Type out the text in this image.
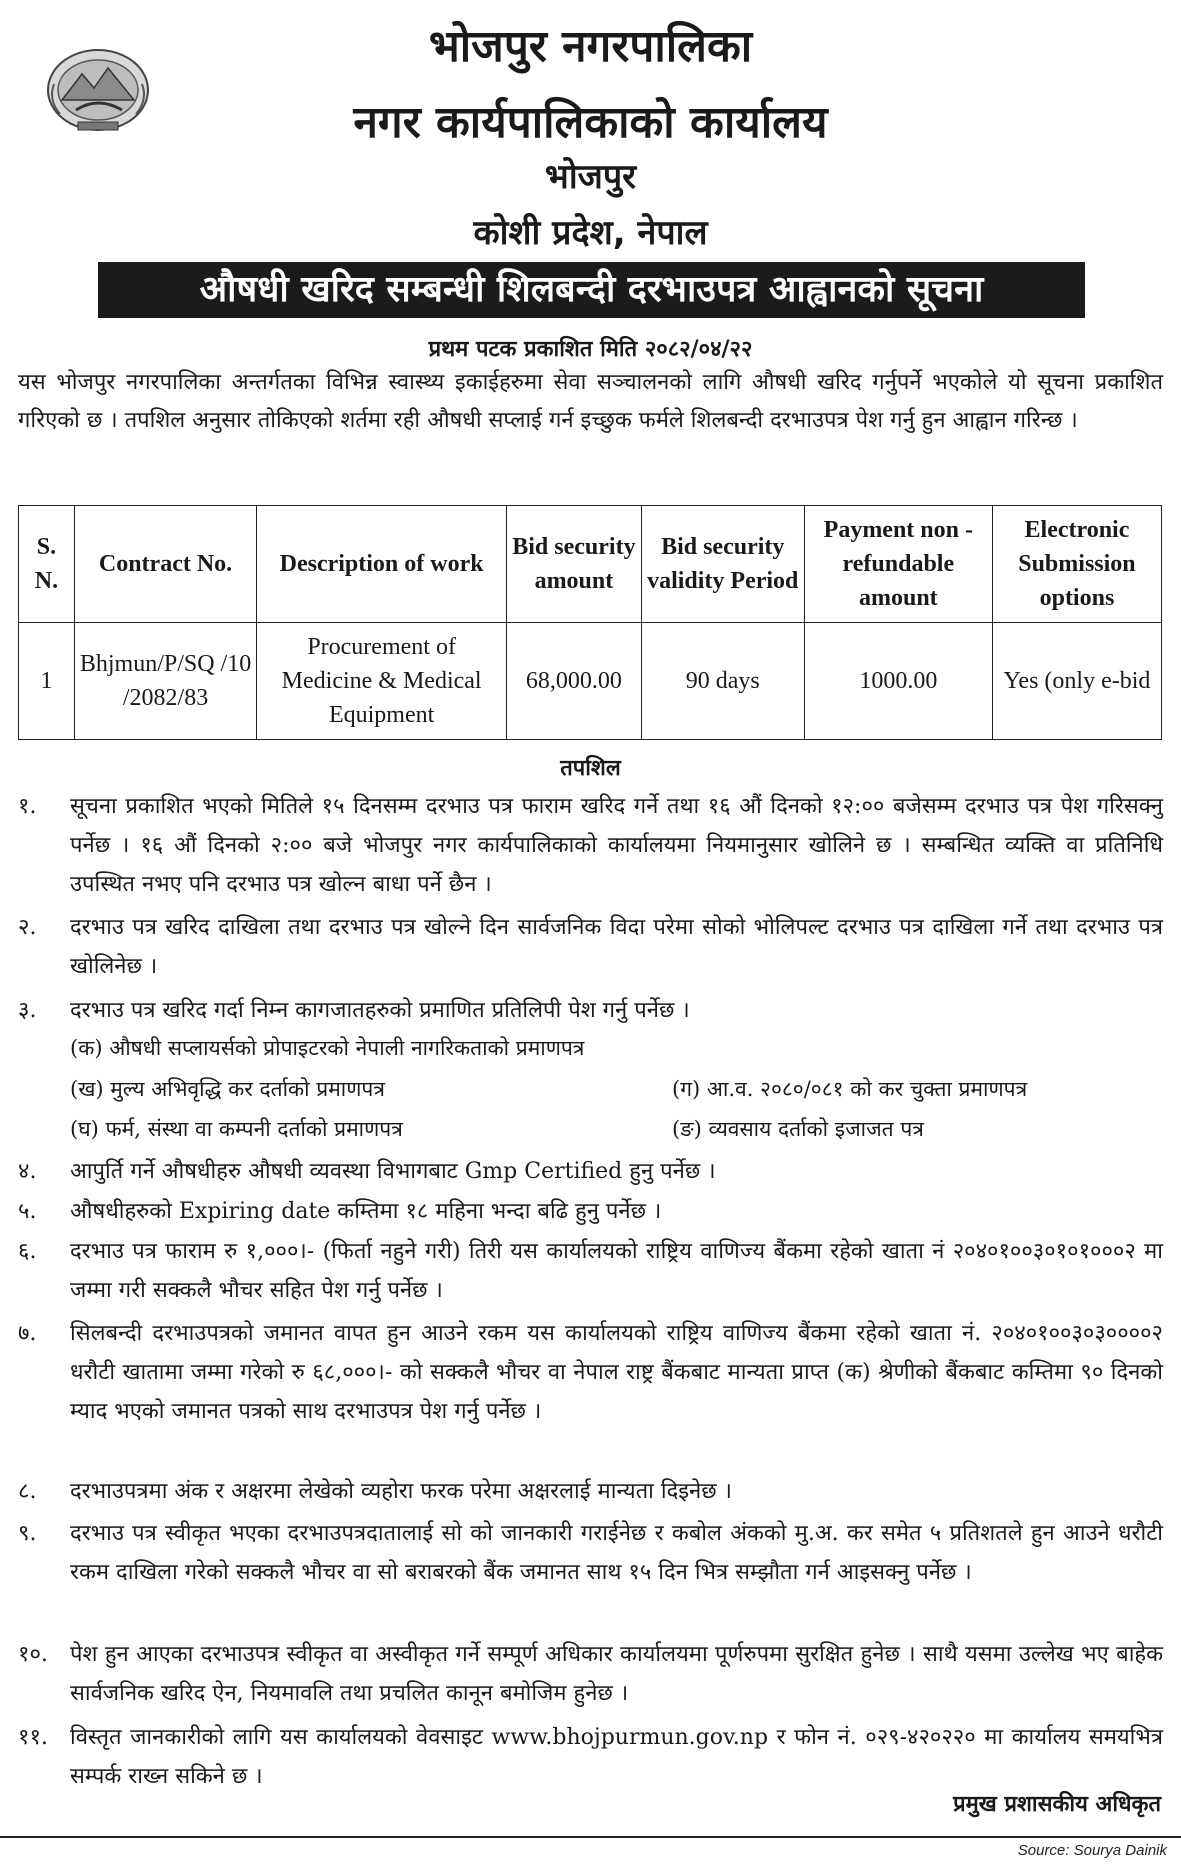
भोजपुर नगरपालिका
नगर कार्यपालिकाको कार्यालय
भोजपुर
कोशी प्रदेश, नेपाल
औषधी खरिद सम्बन्धी शिलबन्दी दरभाउपत्र आह्वानको सूचना
प्रथम पटक प्रकाशित मिति २०८२/०४/२२
यस भोजपुर नगरपालिका अन्तर्गतका विभिन्न स्वास्थ्य इकाईहरुमा सेवा सञ्चालनको लागि औषधी खरिद गर्नुपर्ने भएकोले यो सूचना प्रकाशित गरिएको छ । तपशिल अनुसार तोकिएको शर्तमा रही औषधी सप्लाई गर्न इच्छुक फर्मले शिलबन्दी दरभाउपत्र पेश गर्नु हुन आह्वान गरिन्छ ।
S. N.	Contract No.	Description of work	Bid security amount	Bid security validity Period	Payment non -refundable amount	Electronic Submission options
1	Bhjmun/P/SQ /10 /2082/83	Procurement of Medicine & Medical Equipment	68,000.00	90 days	1000.00	Yes (only e-bid
तपशिल
१.	सूचना प्रकाशित भएको मितिले १५ दिनसम्म दरभाउ पत्र फाराम खरिद गर्ने तथा १६ औं दिनको १२:०० बजेसम्म दरभाउ पत्र पेश गरिसक्नु पर्नेछ । १६ औं दिनको २:०० बजे भोजपुर नगर कार्यपालिकाको कार्यालयमा नियमानुसार खोलिने छ । सम्बन्धित व्यक्ति वा प्रतिनिधि उपस्थित नभए पनि दरभाउ पत्र खोल्न बाधा पर्ने छैन ।
२.	दरभाउ पत्र खरिद दाखिला तथा दरभाउ पत्र खोल्ने दिन सार्वजनिक विदा परेमा सोको भोलिपल्ट दरभाउ पत्र दाखिला गर्ने तथा दरभाउ पत्र खोलिनेछ ।
३.	दरभाउ पत्र खरिद गर्दा निम्न कागजातहरुको प्रमाणित प्रतिलिपी पेश गर्नु पर्नेछ ।
(क) औषधी सप्लायर्सको प्रोपाइटरको नेपाली नागरिकताको प्रमाणपत्र
(ख) मुल्य अभिवृद्धि कर दर्ताको प्रमाणपत्र	(ग) आ.व. २०८०/०८१ को कर चुक्ता प्रमाणपत्र
(घ) फर्म, संस्था वा कम्पनी दर्ताको प्रमाणपत्र	(ङ) व्यवसाय दर्ताको इजाजत पत्र
४.	आपुर्ति गर्ने औषधीहरु औषधी व्यवस्था विभागबाट Gmp Certified हुनु पर्नेछ ।
५.	औषधीहरुको Expiring date कम्तिमा १८ महिना भन्दा बढि हुनु पर्नेछ ।
६.	दरभाउ पत्र फाराम रु १,०००।- (फिर्ता नहुने गरी) तिरी यस कार्यालयको राष्ट्रिय वाणिज्य बैंकमा रहेको खाता नं २०४०१००३०१०१०००२ मा जम्मा गरी सक्कलै भौचर सहित पेश गर्नु पर्नेछ ।
७.	सिलबन्दी दरभाउपत्रको जमानत वापत हुन आउने रकम यस कार्यालयको राष्ट्रिय वाणिज्य बैंकमा रहेको खाता नं. २०४०१००३०३००००२ धरौटी खातामा जम्मा गरेको रु ६८,०००।- को सक्कलै भौचर वा नेपाल राष्ट्र बैंकबाट मान्यता प्राप्त (क) श्रेणीको बैंकबाट कम्तिमा ९० दिनको म्याद भएको जमानत पत्रको साथ दरभाउपत्र पेश गर्नु पर्नेछ ।
८.	दरभाउपत्रमा अंक र अक्षरमा लेखेको व्यहोरा फरक परेमा अक्षरलाई मान्यता दिइनेछ ।
९.	दरभाउ पत्र स्वीकृत भएका दरभाउपत्रदातालाई सो को जानकारी गराईनेछ र कबोल अंकको मु.अ. कर समेत ५ प्रतिशतले हुन आउने धरौटी रकम दाखिला गरेको सक्कलै भौचर वा सो बराबरको बैंक जमानत साथ १५ दिन भित्र सम्झौता गर्न आइसक्नु पर्नेछ ।
१०.	पेश हुन आएका दरभाउपत्र स्वीकृत वा अस्वीकृत गर्ने सम्पूर्ण अधिकार कार्यालयमा पूर्णरुपमा सुरक्षित हुनेछ । साथै यसमा उल्लेख भए बाहेक सार्वजनिक खरिद ऐन, नियमावलि तथा प्रचलित कानून बमोजिम हुनेछ ।
११.	विस्तृत जानकारीको लागि यस कार्यालयको वेवसाइट www.bhojpurmun.gov.np र फोन नं. ०२९-४२०२२० मा कार्यालय समयभित्र सम्पर्क राख्न सकिने छ ।
प्रमुख प्रशासकीय अधिकृत
Source: Sourya Dainik
